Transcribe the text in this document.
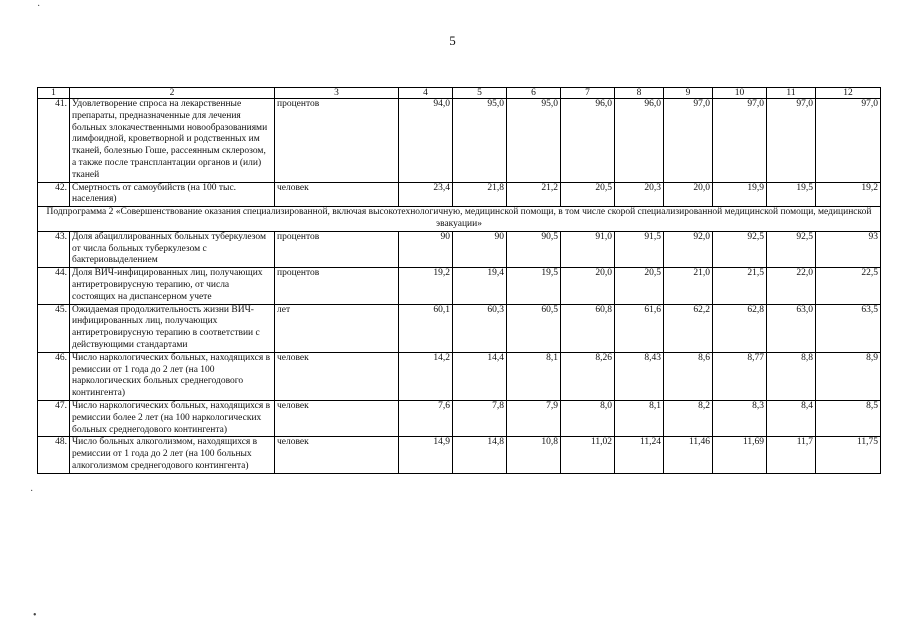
5
1	2	3	4	5	6	7	8	9	10	11	12
41.	Удовлетворение спроса на лекарственные препараты, предназначенные для лечения больных злокачественными новообразованиями лимфоидной, кроветворной и родственных им тканей, болезнью Гоше, рассеянным склерозом, а также после трансплантации органов и (или) тканей	процентов	94,0	95,0	95,0	96,0	96,0	97,0	97,0	97,0	97,0
42.	Смертность от самоубийств (на 100 тыс. населения)	человек	23,4	21,8	21,2	20,5	20,3	20,0	19,9	19,5	19,2
Подпрограмма 2 «Совершенствование оказания специализированной, включая высокотехнологичную, медицинской помощи, в том числе скорой специализированной медицинской помощи, медицинской эвакуации»											
43.	Доля абациллированных больных туберкулезом от числа больных туберкулезом с бактериовыделением	процентов	90	90	90,5	91,0	91,5	92,0	92,5	92,5	93
44.	Доля ВИЧ-инфицированных лиц, получающих антиретровирусную терапию, от числа состоящих на диспансерном учете	процентов	19,2	19,4	19,5	20,0	20,5	21,0	21,5	22,0	22,5
45.	Ожидаемая продолжительность жизни ВИЧ-инфицированных лиц, получающих антиретровирусную терапию в соответствии с действующими стандартами	лет	60,1	60,3	60,5	60,8	61,6	62,2	62,8	63,0	63,5
46.	Число наркологических больных, находящихся в ремиссии от 1 года до 2 лет (на 100 наркологических больных среднегодового контингента)	человек	14,2	14,4	8,1	8,26	8,43	8,6	8,77	8,8	8,9
47.	Число наркологических больных, находящихся в ремиссии более 2 лет (на 100 наркологических больных среднегодового контингента)	человек	7,6	7,8	7,9	8,0	8,1	8,2	8,3	8,4	8,5
48.	Число больных алкоголизмом, находящихся в ремиссии от 1 года до 2 лет (на 100 больных алкоголизмом среднегодового контингента)	человек	14,9	14,8	10,8	11,02	11,24	11,46	11,69	11,7	11,75
·
·
•
